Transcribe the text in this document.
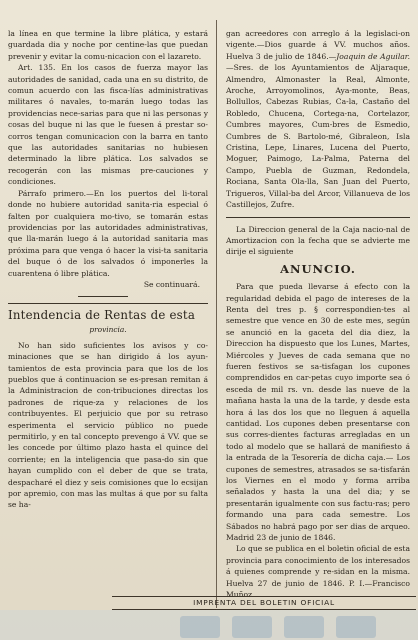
la línea en que termine la libre plática, y estará guardada dia y noche por centine-las que puedan prevenir y evitar la comu-nicacion con el lazareto.

Art. 135. En los casos de fuerza mayor las autoridades de sanidad, cada una en su distrito, de comun acuerdo con las fisca-lías administrativas militares ó navales, to-marán luego todas las providencias nece-sarias para que ni las personas y cosas del buque ni las que le fuesen á prestar so-corros tengan comunicacion con la barra en tanto que las autoridades sanitarias no hubiesen determinado la libre plática. Los salvados se recogerán con las mismas pre-cauciones y condiciones.

Párrafo primero.—En los puertos del li-toral donde no hubiere autoridad sanita-ria especial ó falten por cualquiera mo-tivo, se tomarán estas providencias por las autoridades administrativas, que lla-marán luego á la autoridad sanitaria mas próxima para que venga ó hacer la visi-ta sanitaria del buque ó de los salvados ó imponerles la cuarentena ó libre plática.

Se continuará.

Intendencia de Rentas de esta

provincia.

No han sido suficientes los avisos y co-minaciones que se han dirigido á los ayun-tamientos de esta provincia para que los de los pueblos que á continuacion se es-presan remitan á la Administracion de con-tribuciones directas los padrones de rique-za y relaciones de los contribuyentes. El perjuicio que por su retraso esperimenta el servicio público no puede permitirlo, y en tal concepto prevengo á VV. que se les concede por último plazo hasta el quince del corriente; en la inteligencia que pasa-do sin que hayan cumplido con el deber de que se trata, despacharé el diez y seis comisiones que lo ecsijan por apremio, con mas las multas á que por su falta se ha-

gan acreedores con arreglo á la legislaci-on vigente.—Dios guarde á VV. muchos años. Huelva 3 de julio de 1846.—Joaquin de Aguilar.—Sres. de los Ayuntamientos de Aljaraque, Almendro, Almonaster la Real, Almonte, Aroche, Arroyomolinos, Aya-monte, Beas, Bollullos, Cabezas Rubias, Ca-la, Castaño del Robledo, Chucena, Cortega-na, Cortelazor, Cumbres mayores, Cum-bres de Esmedio, Cumbres de S. Bartolo-mé, Gibraleon, Isla Cristina, Lepe, Linares, Lucena del Puerto, Moguer, Paimogo, La-Palma, Paterna del Campo, Puebla de Guzman, Redondela, Rociana, Santa Ola-lla, San Juan del Puerto, Trigueros, Villal-ba del Arcor, Villanueva de los Castillejos, Zufre.

La Direccion general de la Caja nacio-nal de Amortizacion con la fecha que se advierte me dirije el siguiente

ANUNCIO.

Para que pueda llevarse á efecto con la regularidad debida el pago de intereses de la Renta del tres p. § correspondien-tes al semestre que vence en 30 de este mes, según se anunció en la gaceta del dia diez, la Direccion ha dispuesto que los Lunes, Martes, Miércoles y Jueves de cada semana que no fueren festivos se sa-tisfagan los cupones comprendidos en car-petas cuyo importe sea ó esceda de mil rs. vn. desde las nueve de la mañana hasta la una de la tarde, y desde esta hora á las dos los que no lleguen á aquella cantidad. Los cupones deben presentarse con sus corres-dientes facturas arregladas en un todo al modelo que se hallará de manifiesto á la entrada de la Tesorería de dicha caja.— Los cupones de semestres, atrasados se sa-tisfarán los Viernes en el modo y forma arriba señalados y hasta la una del dia; y se presentarán igualmente con sus factu-ras; pero formando una para cada semestre. Los Sábados no habrá pago por ser dias de arqueo. Madrid 23 de junio de 1846.

Lo que se publica en el boletin oficial de esta provincia para conocimiento de los interesados á quienes comprende y re-sidan en la misma. Huelva 27 de junio de 1846. P. I.—Francisco Muñoz.

IMPRENTA DEL BOLETIN OFICIAL
